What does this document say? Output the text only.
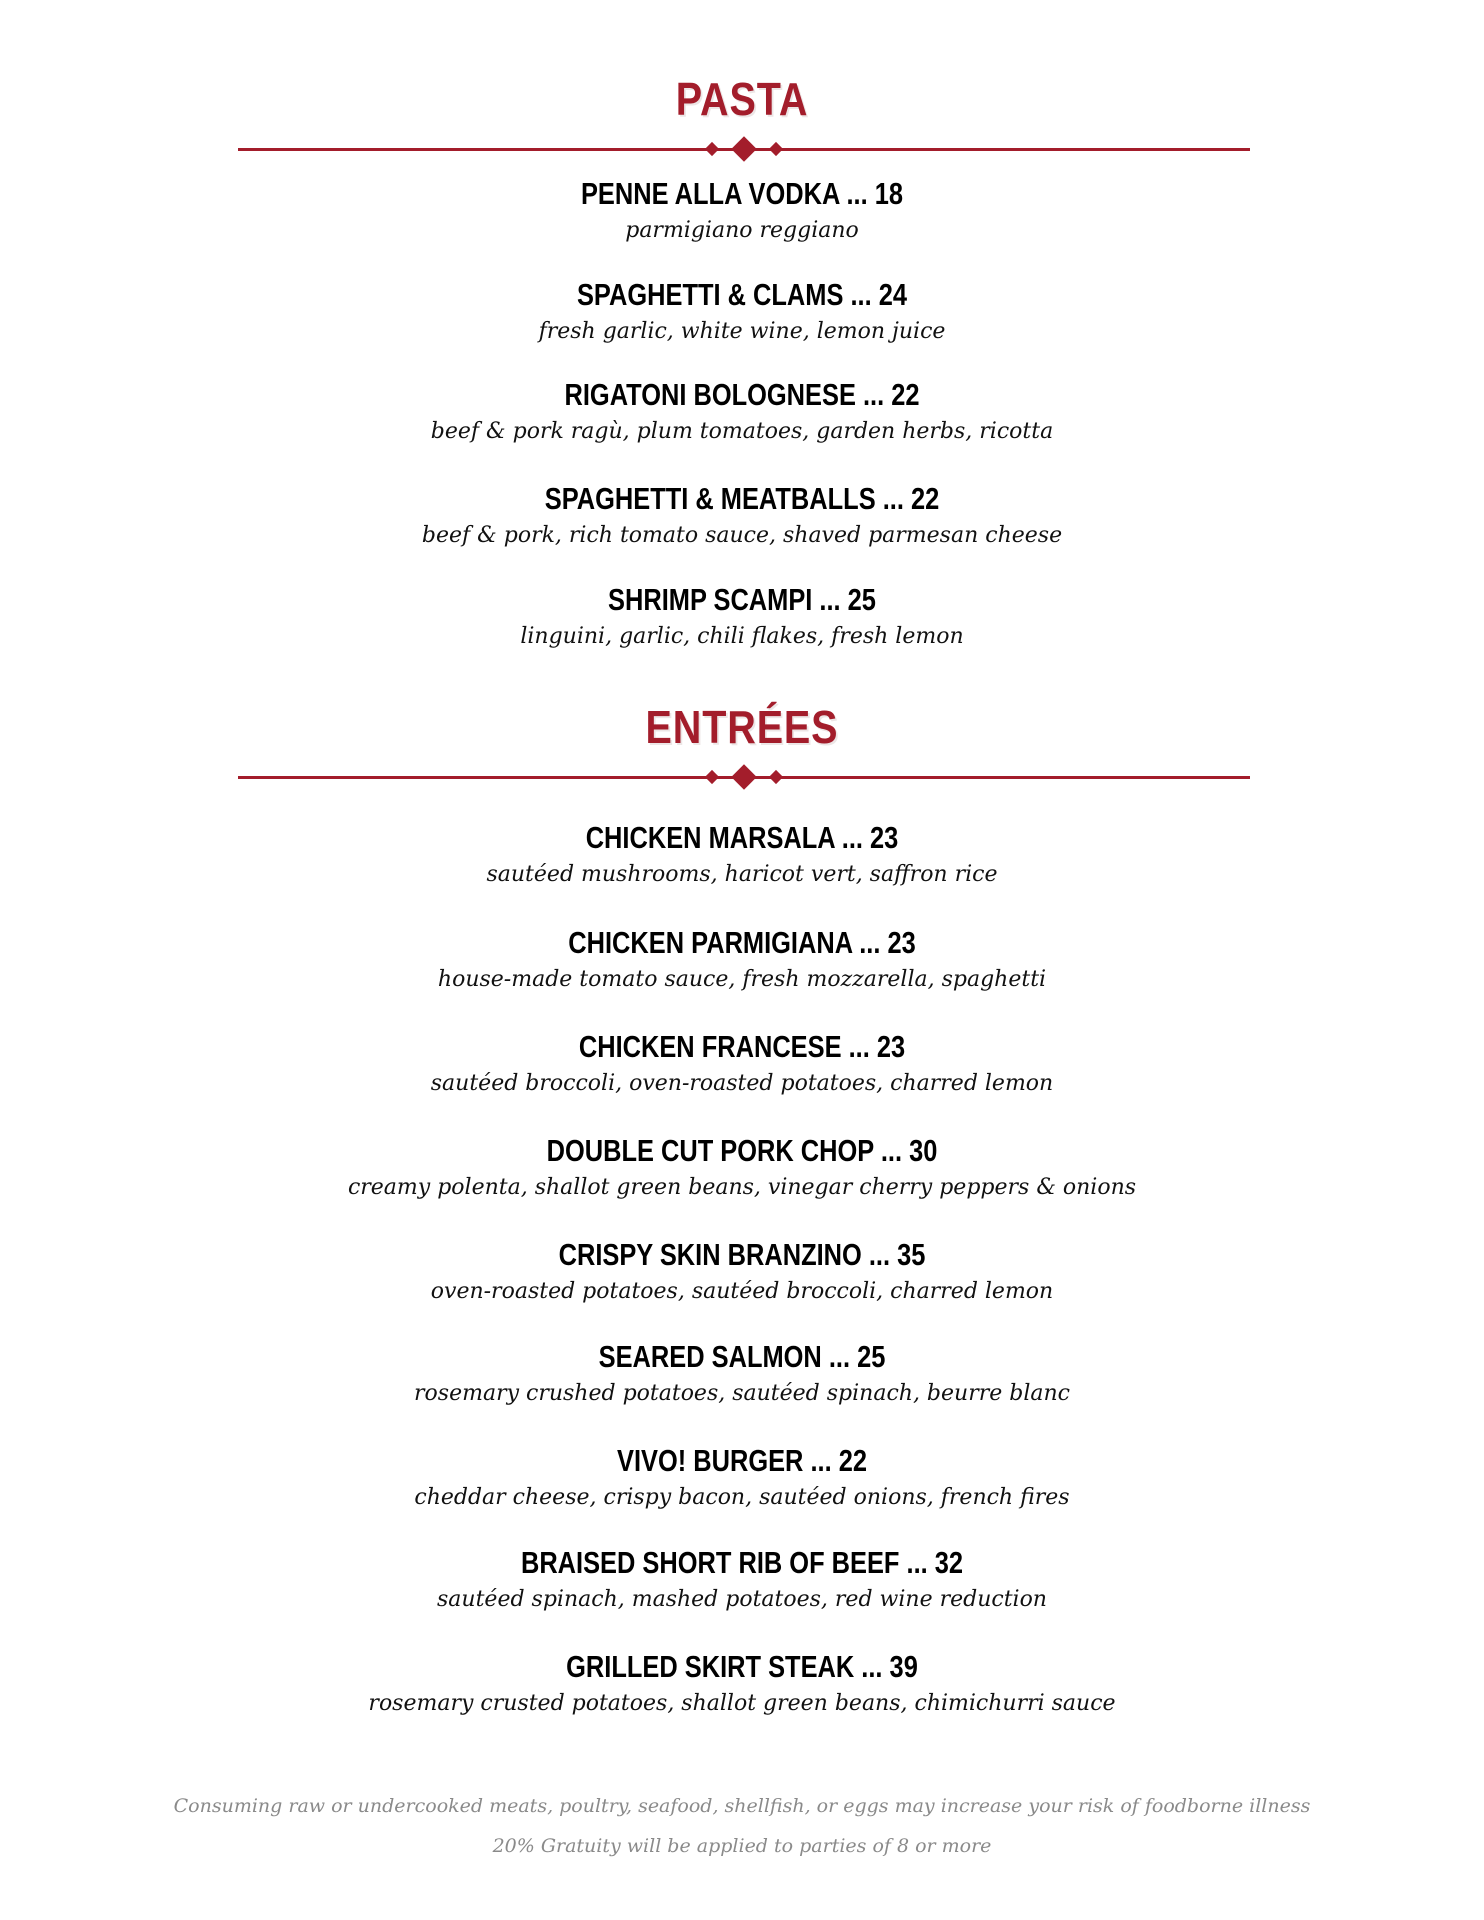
PASTA
PENNE ALLA VODKA ... 18
parmigiano reggiano
SPAGHETTI & CLAMS ... 24
fresh garlic, white wine, lemon juice
RIGATONI BOLOGNESE ... 22
beef & pork ragù, plum tomatoes, garden herbs, ricotta
SPAGHETTI & MEATBALLS ... 22
beef & pork, rich tomato sauce, shaved parmesan cheese
SHRIMP SCAMPI ... 25
linguini, garlic, chili flakes, fresh lemon
ENTRÉES
CHICKEN MARSALA ... 23
sautéed mushrooms, haricot vert, saffron rice
CHICKEN PARMIGIANA ... 23
house-made tomato sauce, fresh mozzarella, spaghetti
CHICKEN FRANCESE ... 23
sautéed broccoli, oven-roasted potatoes, charred lemon
DOUBLE CUT PORK CHOP ... 30
creamy polenta, shallot green beans, vinegar cherry peppers & onions
CRISPY SKIN BRANZINO ... 35
oven-roasted potatoes, sautéed broccoli, charred lemon
SEARED SALMON ... 25
rosemary crushed potatoes, sautéed spinach, beurre blanc
VIVO! BURGER ... 22
cheddar cheese, crispy bacon, sautéed onions, french fires
BRAISED SHORT RIB OF BEEF ... 32
sautéed spinach, mashed potatoes, red wine reduction
GRILLED SKIRT STEAK ... 39
rosemary crusted potatoes, shallot green beans, chimichurri sauce
Consuming raw or undercooked meats, poultry, seafood, shellfish, or eggs may increase your risk of foodborne illness
20% Gratuity will be applied to parties of 8 or more
